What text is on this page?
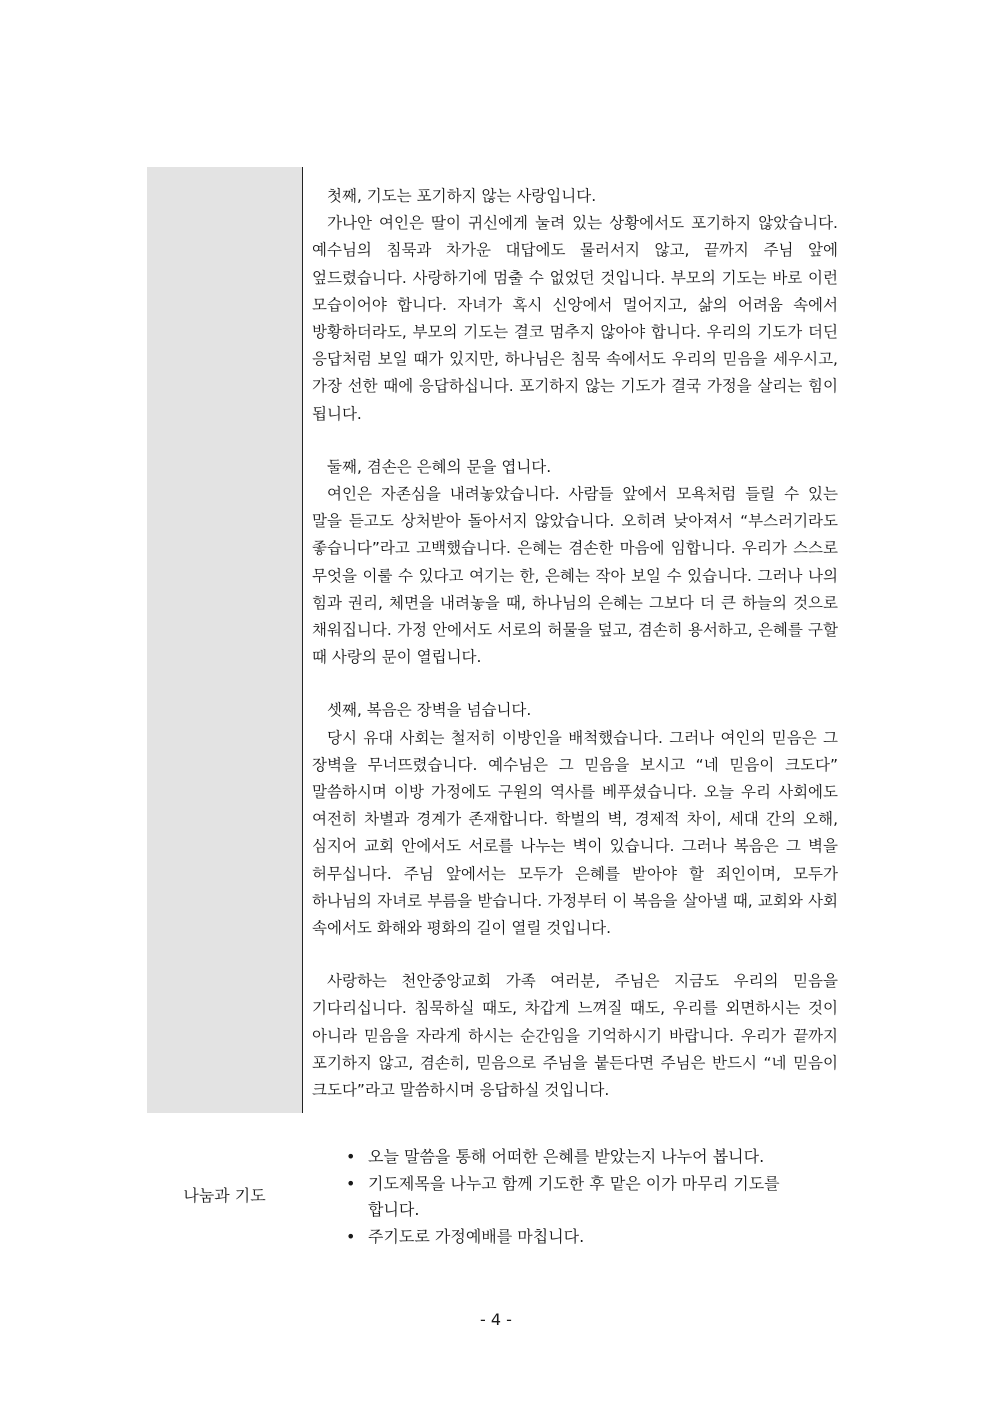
첫째, 기도는 포기하지 않는 사랑입니다.

가나안 여인은 딸이 귀신에게 눌려 있는 상황에서도 포기하지 않았습니다. 예수님의 침묵과 차가운 대답에도 물러서지 않고, 끝까지 주님 앞에 엎드렸습니다. 사랑하기에 멈출 수 없었던 것입니다. 부모의 기도는 바로 이런 모습이어야 합니다. 자녀가 혹시 신앙에서 멀어지고, 삶의 어려움 속에서 방황하더라도, 부모의 기도는 결코 멈추지 않아야 합니다. 우리의 기도가 더딘 응답처럼 보일 때가 있지만, 하나님은 침묵 속에서도 우리의 믿음을 세우시고, 가장 선한 때에 응답하십니다. 포기하지 않는 기도가 결국 가정을 살리는 힘이 됩니다.

둘째, 겸손은 은혜의 문을 엽니다.

여인은 자존심을 내려놓았습니다. 사람들 앞에서 모욕처럼 들릴 수 있는 말을 듣고도 상처받아 돌아서지 않았습니다. 오히려 낮아져서 “부스러기라도 좋습니다”라고 고백했습니다. 은혜는 겸손한 마음에 임합니다. 우리가 스스로 무엇을 이룰 수 있다고 여기는 한, 은혜는 작아 보일 수 있습니다. 그러나 나의 힘과 권리, 체면을 내려놓을 때, 하나님의 은혜는 그보다 더 큰 하늘의 것으로 채워집니다. 가정 안에서도 서로의 허물을 덮고, 겸손히 용서하고, 은혜를 구할 때 사랑의 문이 열립니다.

셋째, 복음은 장벽을 넘습니다.

당시 유대 사회는 철저히 이방인을 배척했습니다. 그러나 여인의 믿음은 그 장벽을 무너뜨렸습니다. 예수님은 그 믿음을 보시고 “네 믿음이 크도다” 말씀하시며 이방 가정에도 구원의 역사를 베푸셨습니다. 오늘 우리 사회에도 여전히 차별과 경계가 존재합니다. 학벌의 벽, 경제적 차이, 세대 간의 오해, 심지어 교회 안에서도 서로를 나누는 벽이 있습니다. 그러나 복음은 그 벽을 허무십니다. 주님 앞에서는 모두가 은혜를 받아야 할 죄인이며, 모두가 하나님의 자녀로 부름을 받습니다. 가정부터 이 복음을 살아낼 때, 교회와 사회 속에서도 화해와 평화의 길이 열릴 것입니다.

사랑하는 천안중앙교회 가족 여러분, 주님은 지금도 우리의 믿음을 기다리십니다. 침묵하실 때도, 차갑게 느껴질 때도, 우리를 외면하시는 것이 아니라 믿음을 자라게 하시는 순간임을 기억하시기 바랍니다. 우리가 끝까지 포기하지 않고, 겸손히, 믿음으로 주님을 붙든다면 주님은 반드시 “네 믿음이 크도다”라고 말씀하시며 응답하실 것입니다.

나눔과 기도
• 오늘 말씀을 통해 어떠한 은혜를 받았는지 나누어 봅니다.
• 기도제목을 나누고 함께 기도한 후 맡은 이가 마무리 기도를 합니다.
• 주기도로 가정예배를 마칩니다.
- 4 -
